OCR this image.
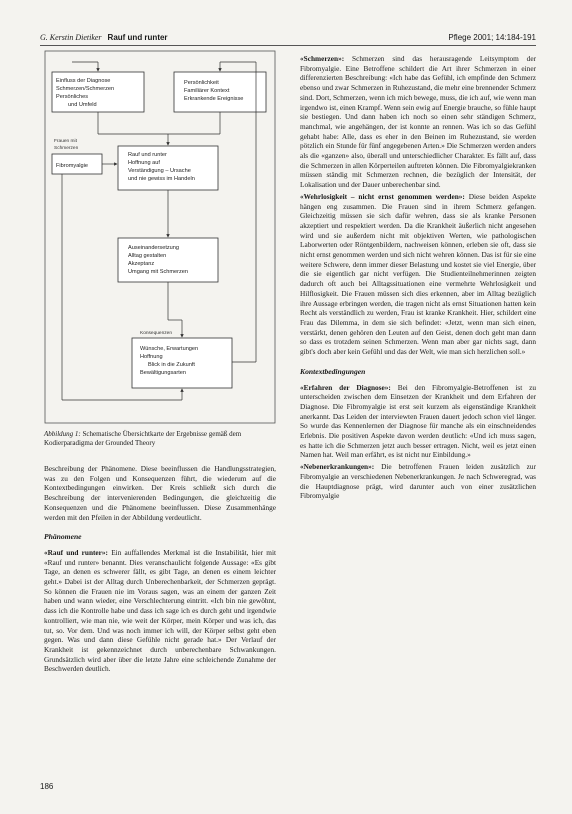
G. Kerstin Dietiker Rauf und runter	Pflege 2001; 14:184-191
Einfluss der Diagnose
Schmerzen/Schmerzen
Persönliches
und Umfeld
Persönlichkeit
Familiärer Kontext
Erkrankende Ereignisse
Fibromyalgie
Rauf und runter
Hoffnung auf
Verständigung – Ursache
und nie gewiss im Handeln
Auseinandersetzung
Alltag gestalten
Akzeptanz
Umgang mit Schmerzen
Wünsche, Erwartungen
Hoffnung
Blick in die Zukunft
Bewältigungsarten
Frauen mit
Schmerzen
Konsequenzen
Abbildung 1: Schematische Übersichtkarte der Ergebnisse gemäß dem Kodierparadigma der Grounded Theory

Beschreibung der Phänomene. Diese beeinflussen die Handlungsstrategien, was zu den Folgen und Konsequenzen führt, die wiederum auf die Kontextbedingungen einwirken. Der Kreis schließt sich durch die Beschreibung der intervenierenden Bedingungen, die gleichzeitig die Konsequenzen und die Phänomene beeinflussen. Diese Zusammenhänge werden mit den Pfeilen in der Abbildung verdeutlicht.

Phänomene

«Rauf und runter»: Ein auffallendes Merkmal ist die Instabilität, hier mit «Rauf und runter» benannt. Dies veranschaulicht folgende Aussage: «Es gibt Tage, an denen es schwerer fällt, es gibt Tage, an denen es einem leichter geht.» Dabei ist der Alltag durch Unberechenbarkeit, der Schmerzen geprägt. So können die Frauen nie im Voraus sagen, was an einem der ganzen Zeit haben und wann wieder, eine Verschlechterung eintritt. «Ich bin nie gewöhnt, dass ich die Kontrolle habe und dass ich sage ich es durch geht und irgendwie kontrolliert, wie man nie, wie weit der Körper, mein Körper und was ich, das tut, so. Vor dem. Und was noch immer ich will, der Körper selbst geht eben gegen. Was und dann diese Gefühle nicht gerade hat.» Der Verlauf der Krankheit ist gekennzeichnet durch unberechenbare Schwankungen. Grundsätzlich wird aber über die letzte Jahre eine schleichende Zunahme der Beschwerden deutlich.

«Schmerzen»: Schmerzen sind das herausragende Leitsymptom der Fibromyalgie. Eine Betroffene schildert die Art ihrer Schmerzen in einer differenzierten Beschreibung: «Ich habe das Gefühl, ich empfinde den Schmerz ebenso und zwar Schmerzen in Ruhezustand, die mehr eine brennender Schmerz sind. Dort, Schmerzen, wenn ich mich bewege, muss, die ich auf, wie wenn man irgendwo ist, einen Krampf. Wenn sein ewig auf Energie brauche, so fühle haupt sie bestiegen. Und dann haben ich noch so einen sehr ständigen Schmerz, manchmal, wie angehängen, der ist konnte an rennen. Was ich so das Gefühl gehabt habe: Alle, dass es eher in den Beinen im Ruhezustand, sie werden pötzlich ein Stunde für fünf angegebenen Arten.» Die Schmerzen werden anders als die «ganzen» also, überall und unterschiedlicher Charakter. Es fällt auf, dass die Schmerzen in allen Körperteilen auftreten können. Die Fibromyalgiekranken müssen ständig mit Schmerzen rechnen, die bezüglich der Intensität, der Lokalisation und der Dauer unberechenbar sind.

«Wehrlosigkeit – nicht ernst genommen werden»: Diese beiden Aspekte hängen eng zusammen. Die Frauen sind in ihrem Schmerz gefangen. Gleichzeitig müssen sie sich dafür wehren, dass sie als kranke Personen akzeptiert und respektiert werden. Da die Krankheit äußerlich nicht angesehen wird und sie außerdem nicht mit objektiven Werten, wie pathologischen Laborwerten oder Röntgenbildern, nachweisen können, erleben sie oft, dass sie nicht ernst genommen werden und sich nicht wehren können. Das ist für sie eine weitere Schwere, denn immer dieser Belastung und kostet sie viel Energie, über die sie eigentlich gar nicht verfügen. Die Studienteilnehmerinnen zeigten dadurch oft auch bei Alltagssituationen eine vermehrte Wehrlosigkeit und Hilflosigkeit. Die Frauen müssen sich dies erkennen, aber im Alltag bezüglich ihre Aussage erbringen werden, die tragen nicht als ernst Situationen hatten kein Recht als verständlich zu werden, Frau ist kranke Krankheit. Hier, schildert eine Frau das Dilemma, in dem sie sich befindet: «Jetzt, wenn man sich einen, verstärkt, denen gehören den Leuten auf den Geist, denen doch geht man dann so dass es trotzdem seinen Schmerzen. Wenn man aber gar nichts sagt, dann gibt's doch aber kein Gefühl und das der Welt, wie man sich herzlichen soll.»

Kontextbedingungen

«Erfahren der Diagnose»: Bei den Fibromyalgie-Betroffenen ist zu unterscheiden zwischen dem Einsetzen der Krankheit und dem Erfahren der Diagnose. Die Fibromyalgie ist erst seit kurzem als eigenständige Krankheit anerkannt. Das Leiden der interviewten Frauen dauert jedoch schon viel länger. So wurde das Kennenlernen der Diagnose für manche als ein einschneidendes Erlebnis. Die positiven Aspekte davon werden deutlich: «Und ich muss sagen, es hatte ich die Schmerzen jetzt auch besser ertragen. Nicht, weil es jetzt einen Namen hat. Weil man erfährt, es ist nicht nur Einbildung.»

«Nebenerkrankungen»: Die betroffenen Frauen leiden zusätzlich zur Fibromyalgie an verschiedenen Nebenerkrankungen. Je nach Schweregrad, was die Hauptdiagnose prägt, wird darunter auch von einer zusätzlichen Fibromyalgie

186
